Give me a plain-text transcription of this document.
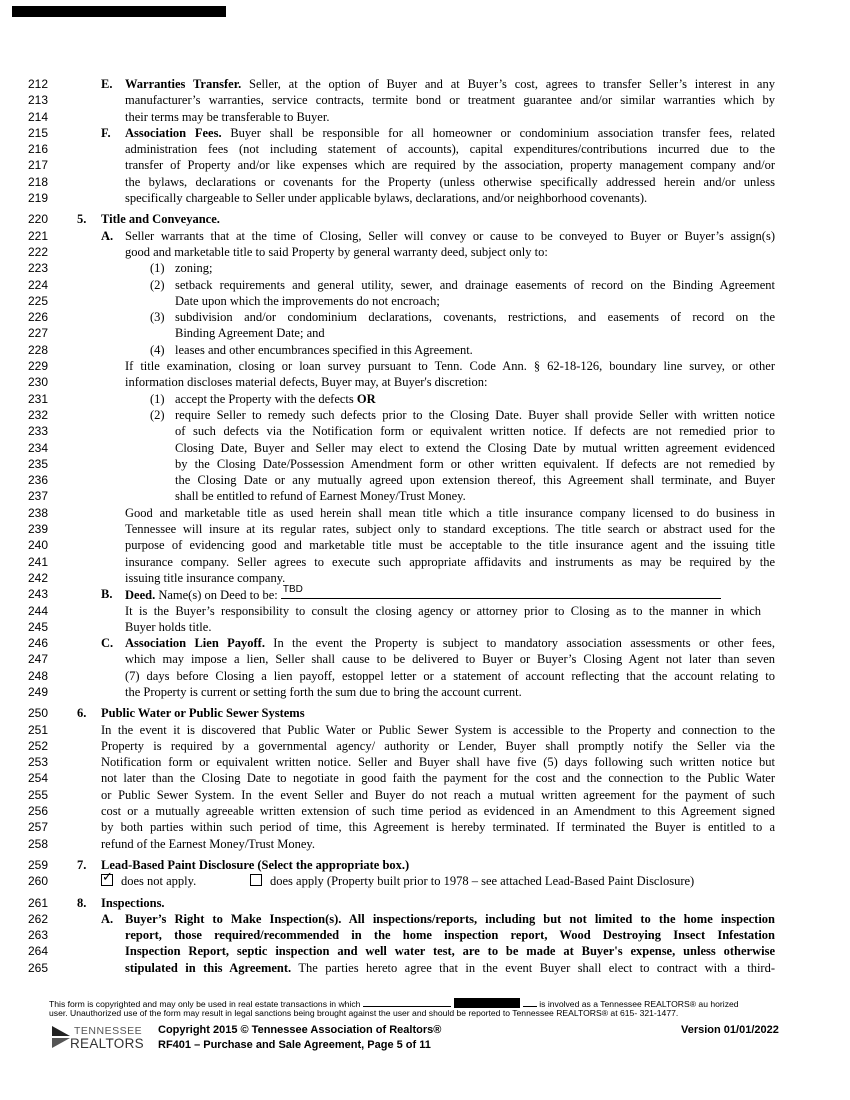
212	E. Warranties Transfer. Seller, at the option of Buyer and at Buyer’s cost, agrees to transfer Seller’s interest in any
213	manufacturer’s warranties, service contracts, termite bond or treatment guarantee and/or similar warranties which by
214	their terms may be transferable to Buyer.
215	F. Association Fees. Buyer shall be responsible for all homeowner or condominium association transfer fees, related
216	administration fees (not including statement of accounts), capital expenditures/contributions incurred due to the
217	transfer of Property and/or like expenses which are required by the association, property management company and/or
218	the bylaws, declarations or covenants for the Property (unless otherwise specifically addressed herein and/or unless
219	specifically chargeable to Seller under applicable bylaws, declarations, and/or neighborhood covenants).
220	5. Title and Conveyance.
221	A. Seller warrants that at the time of Closing, Seller will convey or cause to be conveyed to Buyer or Buyer’s assign(s)
222	good and marketable title to said Property by general warranty deed, subject only to:
223	(1) zoning;
224	(2) setback requirements and general utility, sewer, and drainage easements of record on the Binding Agreement
225	Date upon which the improvements do not encroach;
226	(3) subdivision and/or condominium declarations, covenants, restrictions, and easements of record on the
227	Binding Agreement Date; and
228	(4) leases and other encumbrances specified in this Agreement.
229	If title examination, closing or loan survey pursuant to Tenn. Code Ann. § 62-18-126, boundary line survey, or other
230	information discloses material defects, Buyer may, at Buyer's discretion:
231	(1) accept the Property with the defects OR
232	(2) require Seller to remedy such defects prior to the Closing Date. Buyer shall provide Seller with written notice
233	of such defects via the Notification form or equivalent written notice. If defects are not remedied prior to
234	Closing Date, Buyer and Seller may elect to extend the Closing Date by mutual written agreement evidenced
235	by the Closing Date/Possession Amendment form or other written equivalent. If defects are not remedied by
236	the Closing Date or any mutually agreed upon extension thereof, this Agreement shall terminate, and Buyer
237	shall be entitled to refund of Earnest Money/Trust Money.
238	Good and marketable title as used herein shall mean title which a title insurance company licensed to do business in
239	Tennessee will insure at its regular rates, subject only to standard exceptions. The title search or abstract used for the
240	purpose of evidencing good and marketable title must be acceptable to the title insurance agent and the issuing title
241	insurance company. Seller agrees to execute such appropriate affidavits and instruments as may be required by the
242	issuing title insurance company.
243	B. Deed. Name(s) on Deed to be: TBD
244	It is the Buyer’s responsibility to consult the closing agency or attorney prior to Closing as to the manner in which
245	Buyer holds title.
246	C. Association Lien Payoff. In the event the Property is subject to mandatory association assessments or other fees,
247	which may impose a lien, Seller shall cause to be delivered to Buyer or Buyer’s Closing Agent not later than seven
248	(7) days before Closing a lien payoff, estoppel letter or a statement of account reflecting that the account relating to
249	the Property is current or setting forth the sum due to bring the account current.
250	6. Public Water or Public Sewer Systems
251	In the event it is discovered that Public Water or Public Sewer System is accessible to the Property and connection to the
252	Property is required by a governmental agency/ authority or Lender, Buyer shall promptly notify the Seller via the
253	Notification form or equivalent written notice. Seller and Buyer shall have five (5) days following such written notice but
254	not later than the Closing Date to negotiate in good faith the payment for the cost and the connection to the Public Water
255	or Public Sewer System. In the event Seller and Buyer do not reach a mutual written agreement for the payment of such
256	cost or a mutually agreeable written extension of such time period as evidenced in an Amendment to this Agreement signed
257	by both parties within such period of time, this Agreement is hereby terminated. If terminated the Buyer is entitled to a
258	refund of the Earnest Money/Trust Money.
259	7. Lead-Based Paint Disclosure (Select the appropriate box.)
260
✓	does not apply.	does apply (Property built prior to 1978 – see attached Lead-Based Paint Disclosure)
261	8. Inspections.
262	A. Buyer’s Right to Make Inspection(s). All inspections/reports, including but not limited to the home inspection
263	report, those required/recommended in the home inspection report, Wood Destroying Insect Infestation
264	Inspection Report, septic inspection and well water test, are to be made at Buyer's expense, unless otherwise
265	stipulated in this Agreement. The parties hereto agree that in the event Buyer shall elect to contract with a third-
This form is copyrighted and may only be used in real estate transactions in which	is involved as a Tennessee REALTORS® au horized
user. Unauthorized use of the form may result in legal sanctions being brought against the user and should be reported to Tennessee REALTORS® at 615- 321-1477.
TENNESSEE
REALTORS
Copyright 2015 © Tennessee Association of Realtors®
RF401 – Purchase and Sale Agreement, Page 5 of 11
Version 01/01/2022
